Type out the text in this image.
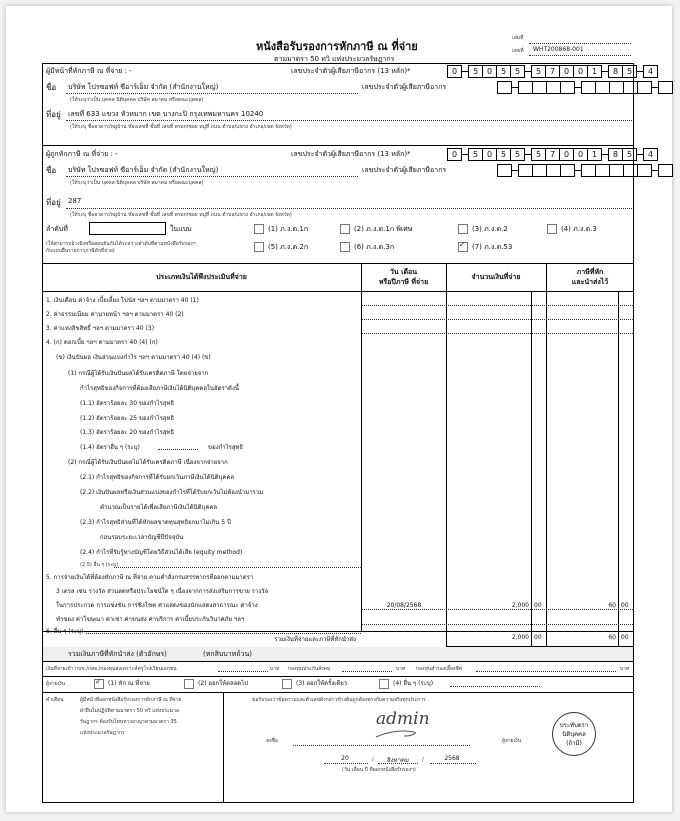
หนังสือรับรองการหักภาษี ณ ที่จ่าย
ตามมาตรา 50 ทวิ แห่งประมวลรัษฎากร
เล่มที่
เลขที่ WHT200868-001
ผู้มีหน้าที่หักภาษี ณ ที่จ่าย : -	เลขประจำตัวผู้เสียภาษีอากร (13 หลัก)*	0	5	0	5	5	5	7	0	0	1	8	5	4
เลขประจำตัวผู้เสียภาษีอากร
ชื่อ บริษัท โปรซอฟท์ ซีอาร์เอ็ม จำกัด (สำนักงานใหญ่)
(ให้ระบุว่าเป็น บุคคล นิติบุคคล บริษัท สมาคม หรือคณะบุคคล)
ที่อยู่ เลขที่ 633 แขวง หัวหมาก เขต บางกะปิ กรุงเทพมหานคร 10240
(ให้ระบุ ชื่ออาคาร/หมู่บ้าน ห้องเลขที่ ชั้นที่ เลขที่ ตรอก/ซอย หมู่ที่ ถนน ตำบล/แขวง อำเภอ/เขต จังหวัด)
ผู้ถูกหักภาษี ณ ที่จ่าย : -	เลขประจำตัวผู้เสียภาษีอากร (13 หลัก)*	0	5	0	5	5	5	7	0	0	1	8	5	4
เลขประจำตัวผู้เสียภาษีอากร
ชื่อ บริษัท โปรซอฟท์ ซีอาร์เอ็ม จำกัด (สำนักงานใหญ่)
(ให้ระบุว่าเป็น บุคคล นิติบุคคล บริษัท สมาคม หรือคณะบุคคล)
ที่อยู่ 287
(ให้ระบุ ชื่ออาคาร/หมู่บ้าน ห้องเลขที่ ชั้นที่ เลขที่ ตรอก/ซอย หมู่ที่ ถนน ตำบล/แขวง อำเภอ/เขต จังหวัด)
ลำดับที่	ในแบบ
(ให้สามารถอ้างอิงหรือสอบยันกันได้ระหว่างลำดับที่ตามหนังสือรับรองฯ
กับแบบยื่นรายการภาษีหักที่จ่าย)
(1) ภ.ง.ด.1ก	(2) ภ.ง.ด.1ก พิเศษ	(3) ภ.ง.ด.2	(4) ภ.ง.ด.3
(5) ภ.ง.ด.2ก	(6) ภ.ง.ด.3ก ✓	(7) ภ.ง.ด.53
ประเภทเงินได้พึงประเมินที่จ่าย
วัน เดือน
หรือปีภาษี ที่จ่าย
จำนวนเงินที่จ่าย
ภาษีที่หัก
และนำส่งไว้
1. เงินเดือน ค่าจ้าง เบี้ยเลี้ยง โบนัส ฯลฯ ตามมาตรา 40 (1)
2. ค่าธรรมเนียม ค่านายหน้า ฯลฯ ตามมาตรา 40 (2)
3. ค่าแห่งลิขสิทธิ์ ฯลฯ ตามมาตรา 40 (3)
4. (ก) ดอกเบี้ย ฯลฯ ตามมาตรา 40 (4) (ก)
(ข) เงินปันผล เงินส่วนแบ่งกำไร ฯลฯ ตามมาตรา 40 (4) (ข)
(1) กรณีผู้ได้รับเงินปันผลได้รับเครดิตภาษี โดยจ่ายจาก
กำไรสุทธิของกิจการที่ต้องเสียภาษีเงินได้นิติบุคคลในอัตราดังนี้
(1.1) อัตราร้อยละ 30 ของกำไรสุทธิ
(1.2) อัตราร้อยละ 25 ของกำไรสุทธิ
(1.3) อัตราร้อยละ 20 ของกำไรสุทธิ
(1.4) อัตราอื่น ๆ (ระบุ)	ของกำไรสุทธิ
(2) กรณีผู้ได้รับเงินปันผลไม่ได้รับเครดิตภาษี เนื่องจากจ่ายจาก
(2.1) กำไรสุทธิของกิจการที่ได้รับยกเว้นภาษีเงินได้นิติบุคคล
(2.2) เงินปันผลหรือเงินส่วนแบ่งของกำไรที่ได้รับยกเว้นไม่ต้องนำมารวม
คำนวณเป็นรายได้เพื่อเสียภาษีเงินได้นิติบุคคล
(2.3) กำไรสุทธิส่วนที่ได้หักผลขาดทุนสุทธิยกมาไม่เกิน 5 ปี
ก่อนรอบระยะเวลาบัญชีปีปัจจุบัน
(2.4) กำไรที่รับรู้ทางบัญชีโดยวิธีส่วนได้เสีย (equity method)
(2.5) อื่น ๆ (ระบุ)
5. การจ่ายเงินได้ที่ต้องหักภาษี ณ ที่จ่าย ตามคำสั่งกรมสรรพากรที่ออกตามมาตรา
3 เตรส เช่น รางวัล ส่วนลดหรือประโยชน์ใด ๆ เนื่องจากการส่งเสริมการขาย รางวัล
ในการประกวด การแข่งขัน การชิงโชค ค่าแสดงของนักแสดงสาธารณะ ค่าจ้าง
ทำของ ค่าโฆษณา ค่าเช่า ค่าขนส่ง ค่าบริการ ค่าเบี้ยประกันวินาศภัย ฯลฯ
6. อื่น ๆ (ระบุ)
20/08/2568	2,000 00	60 00
รวมเงินที่จ่ายและภาษีที่หักนำส่ง	2,000 00	60 00
รวมเงินภาษีที่หักนำส่ง (ตัวอักษร)	(หกสิบบาทถ้วน)
เงินที่จ่ายเข้า กบข./กสจ./กองทุนสงเคราะห์ครูโรงเรียนเอกชน	บาท กองทุนประกันสังคม	บาท กองทุนสำรองเลี้ยงชีพ	บาท
ผู้จ่ายเงิน ✓	(1) หัก ณ ที่จ่าย	(2) ออกให้ตลอดไป	(3) ออกให้ครั้งเดียว	(4) อื่น ๆ (ระบุ)
คำเตือน	ผู้มีหน้าที่ออกหนังสือรับรองการหักภาษี ณ ที่จ่าย
ฝ่าฝืนไม่ปฏิบัติตามมาตรา 50 ทวิ แห่งประมวล
รัษฎากร ต้องรับโทษทางอาญาตามมาตรา 35
แห่งประมวลรัษฎากร
ขอรับรองว่าข้อความและตัวเลขดังกล่าวข้างต้นถูกต้องตรงกับความจริงทุกประการ
admin
ลงชื่อ	ผู้จ่ายเงิน
20	/	สิงหาคม	/	2568
(วัน เดือน ปี ที่ออกหนังสือรับรองฯ)
ประทับตรา
นิติบุคคล
(ถ้ามี)
